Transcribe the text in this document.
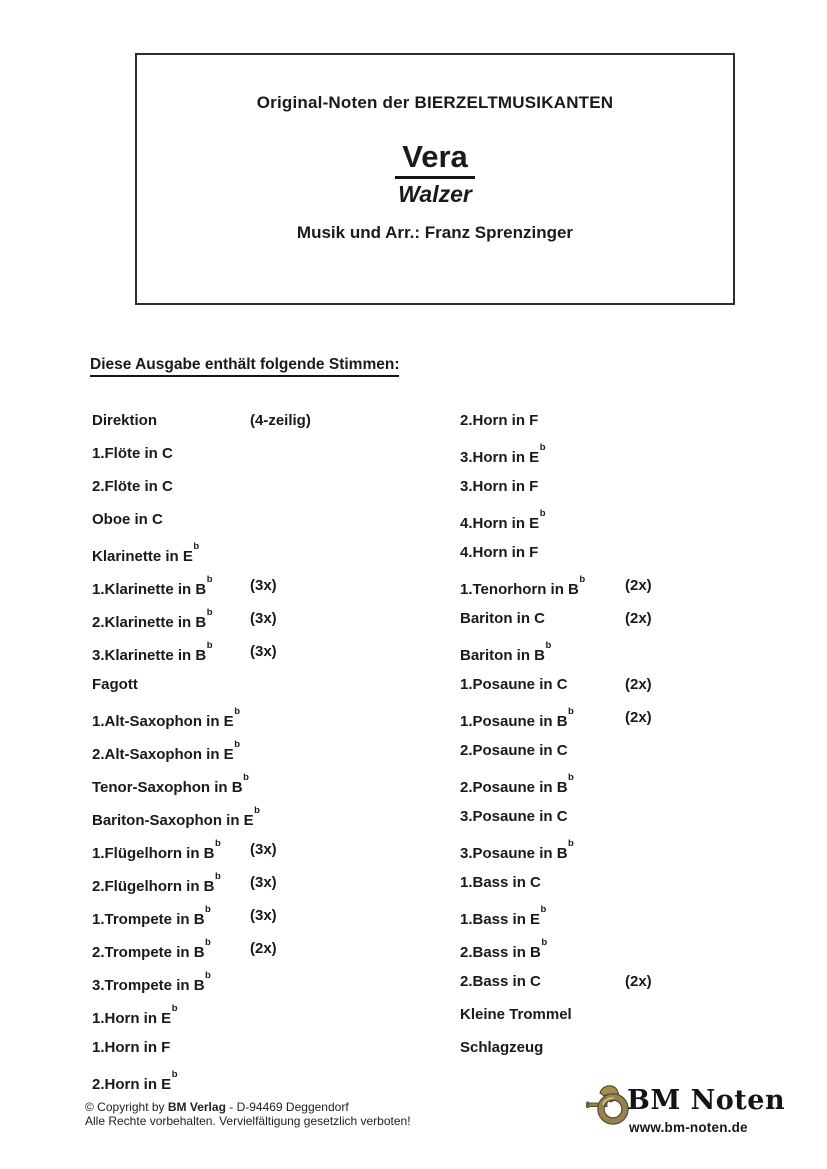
Original-Noten der BIERZELTMUSIKANTEN
Vera
Walzer
Musik und Arr.: Franz Sprenzinger
Diese Ausgabe enthält folgende Stimmen:
Direktion	(4-zeilig)
1.Flöte in C
2.Flöte in C
Oboe in C
Klarinette in $E^b$
1.Klarinette in $B^b$ (3x)
2.Klarinette in $B^b$ (3x)
3.Klarinette in $B^b$ (3x)
Fagott
1.Alt-Saxophon in $E^b$
2.Alt-Saxophon in $E^b$
Tenor-Saxophon in $B^b$
Bariton-Saxophon in $E^b$
1.Flügelhorn in $B^b$ (3x)
2.Flügelhorn in $B^b$ (3x)
1.Trompete in $B^b$	(3x)
2.Trompete in $B^b$	(2x)
3.Trompete in $B^b$
1.Horn in $E^b$
1.Horn in F
2.Horn in $E^b$
2.Horn in F
3.Horn in $E^b$
3.Horn in F
4.Horn in $E^b$
4.Horn in F
1.Tenorhorn in $B^b$	(2x)
Bariton in C	(2x)
Bariton in $B^b$
1.Posaune in C	(2x)
1.Posaune in $B^b$	(2x)
2.Posaune in C
2.Posaune in $B^b$
3.Posaune in C
3.Posaune in $B^b$
1.Bass in C
1.Bass in $E^b$
2.Bass in $B^b$
2.Bass in C	(2x)
Kleine Trommel
Schlagzeug
© Copyright by BM Verlag - D-94469 Deggendorf
Alle Rechte vorbehalten. Vervielfältigung gesetzlich verboten!
BM Noten
www.bm-noten.de
